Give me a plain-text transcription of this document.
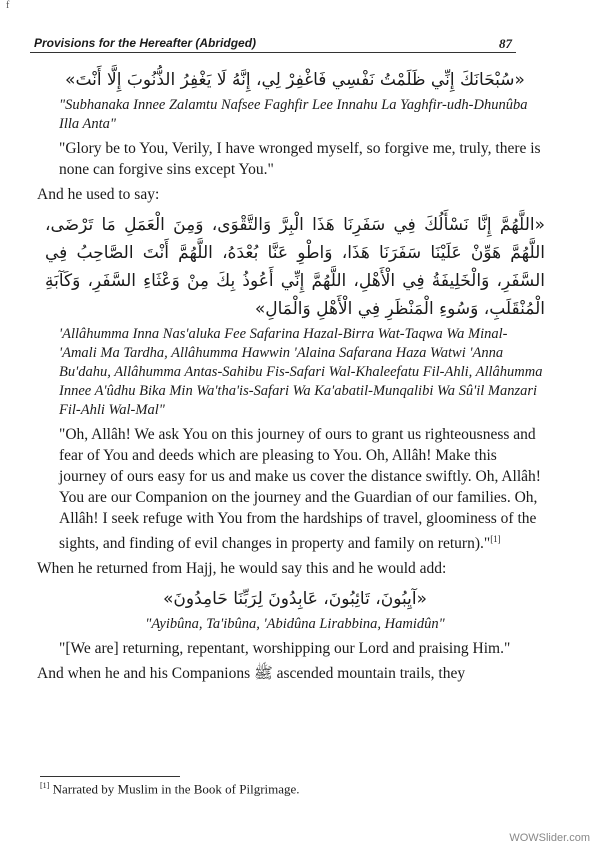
f
Provisions for the Hereafter (Abridged)	87

«سُبْحَانَكَ إِنِّي ظَلَمْتُ نَفْسِي فَاغْفِرْ لِي، إِنَّهُ لَا يَغْفِرُ الذُّنُوبَ إِلَّا أَنْتَ»

"Subhanaka Innee Zalamtu Nafsee Faghfir Lee Innahu La Yaghfir-udh-Dhunûba Illa Anta"

"Glory be to You, Verily, I have wronged myself, so forgive me, truly, there is none can forgive sins except You."

And he used to say:

«اللَّهُمَّ إِنَّا نَسْأَلُكَ فِي سَفَرِنَا هَذَا الْبِرَّ وَالتَّقْوَى، وَمِنَ الْعَمَلِ مَا تَرْضَى، اللَّهُمَّ هَوِّنْ عَلَيْنَا سَفَرَنَا هَذَا، وَاطْوِ عَنَّا بُعْدَهُ، اللَّهُمَّ أَنْتَ الصَّاحِبُ فِي السَّفَرِ، وَالْخَلِيفَةُ فِي الْأَهْلِ، اللَّهُمَّ إِنِّي أَعُوذُ بِكَ مِنْ وَعْثَاءِ السَّفَرِ، وَكَآبَةِ الْمُنْقَلَبِ، وَسُوءِ الْمَنْظَرِ فِي الْأَهْلِ وَالْمَالِ»

'Allâhumma Inna Nas'aluka Fee Safarina Hazal-Birra Wat-Taqwa Wa Minal-'Amali Ma Tardha, Allâhumma Hawwin 'Alaina Safarana Haza Watwi 'Anna Bu'dahu, Allâhumma Antas-Sahibu Fis-Safari Wal-Khaleefatu Fil-Ahli, Allâhumma Innee A'ûdhu Bika Min Wa'tha'is-Safari Wa Ka'abatil-Munqalibi Wa Sû'il Manzari Fil-Ahli Wal-Mal"

"Oh, Allâh! We ask You on this journey of ours to grant us righteousness and fear of You and deeds which are pleasing to You. Oh, Allâh! Make this journey of ours easy for us and make us cover the distance swiftly. Oh, Allâh! You are our Companion on the journey and the Guardian of our families. Oh, Allâh! I seek refuge with You from the hardships of travel, gloominess of the sights, and finding of evil changes in property and family on return)."[1]

When he returned from Hajj, he would say this and he would add:

«آيِبُونَ، تَائِبُونَ، عَابِدُونَ لِرَبِّنَا حَامِدُونَ»

"Ayibûna, Ta'ibûna, 'Abidûna Lirabbina, Hamidûn"

"[We are] returning, repentant, worshipping our Lord and praising Him."

And when he and his Companions ﷺ ascended mountain trails, they

[1] Narrated by Muslim in the Book of Pilgrimage.
WOWSlider.com
